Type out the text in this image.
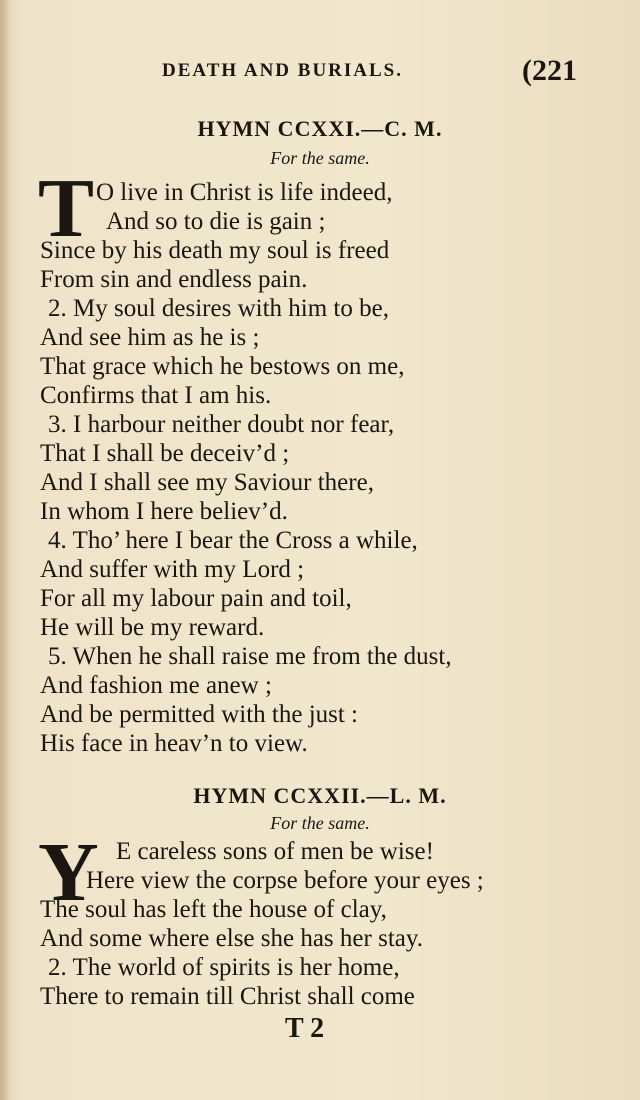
DEATH AND BURIALS.	(221
HYMN CCXXI.—C. M.
For the same.
T O live in Christ is life indeed,
And so to die is gain ;
Since by his death my soul is freed
From sin and endless pain.
2. My soul desires with him to be,
And see him as he is ;
That grace which he bestows on me,
Confirms that I am his.
3. I harbour neither doubt nor fear,
That I shall be deceiv’d ;
And I shall see my Saviour there,
In whom I here believ’d.
4. Tho’ here I bear the Cross a while,
And suffer with my Lord ;
For all my labour pain and toil,
He will be my reward.
5. When he shall raise me from the dust,
And fashion me anew ;
And be permitted with the just :
His face in heav’n to view.
HYMN CCXXII.—L. M.
For the same.
Y E careless sons of men be wise!
Here view the corpse before your eyes ;
The soul has left the house of clay,
And some where else she has her stay.
2. The world of spirits is her home,
There to remain till Christ shall come
T 2
